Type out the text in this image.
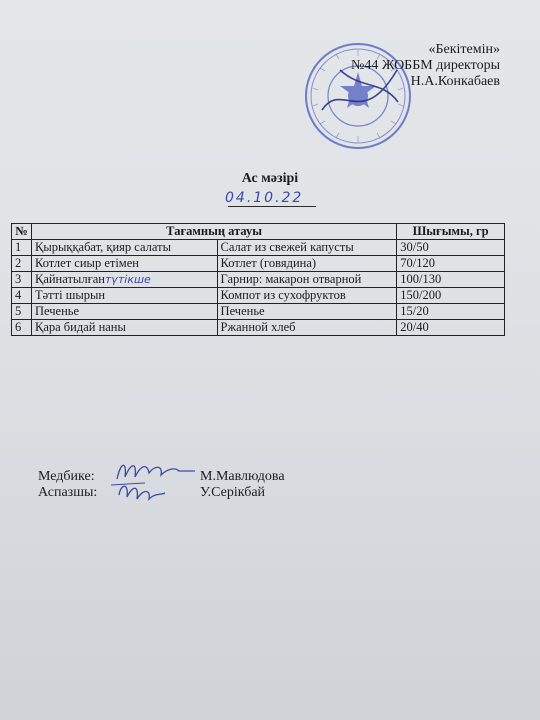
«Бекітемін»
№44 ЖОББМ директоры
Н.А.Конкабаев
Ас мәзірі
04.10.22
№	Тағамның атауы		Шығымы, гр
1	Қырыққабат, қияр салаты	Салат из свежей капусты	30/50
2	Котлет сиыр етімен	Котлет (говядина)	70/120
3	Қайнатылғантүтікше	Гарнир: макарон отварной	100/130
4	Тәтті шырын	Компот из сухофруктов	150/200
5	Печенье	Печенье	15/20
6	Қара бидай наны	Ржанной хлеб	20/40
Медбике:	М.Мавлюдова
Аспазшы:	У.Серікбай
